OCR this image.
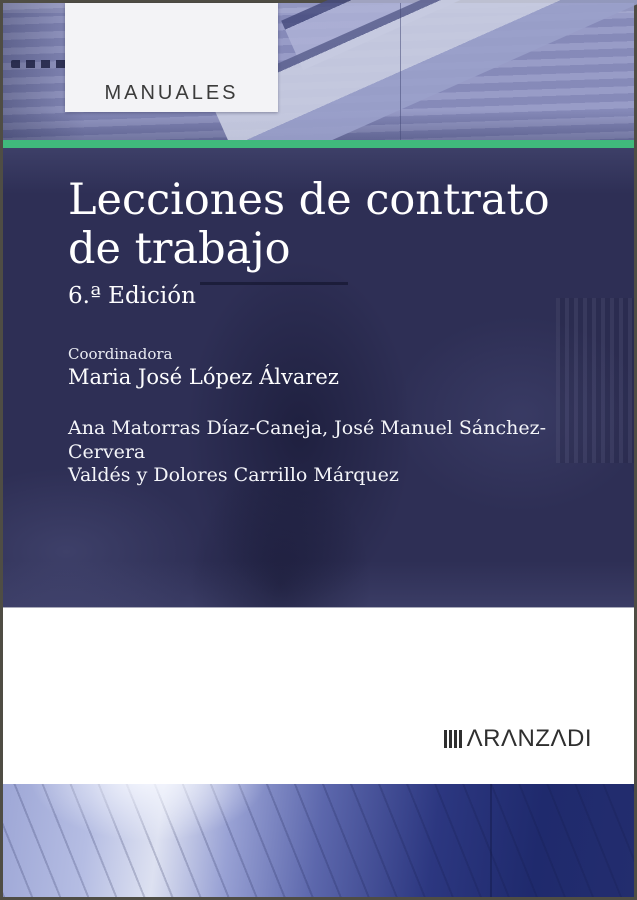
MANUALES
Lecciones de contrato
de trabajo
6.ª Edición
Coordinadora
Maria José López Álvarez
Ana Matorras Díaz-Caneja, José Manuel Sánchez-Cervera
Valdés y Dolores Carrillo Márquez
ΛRΛNZΛDI
